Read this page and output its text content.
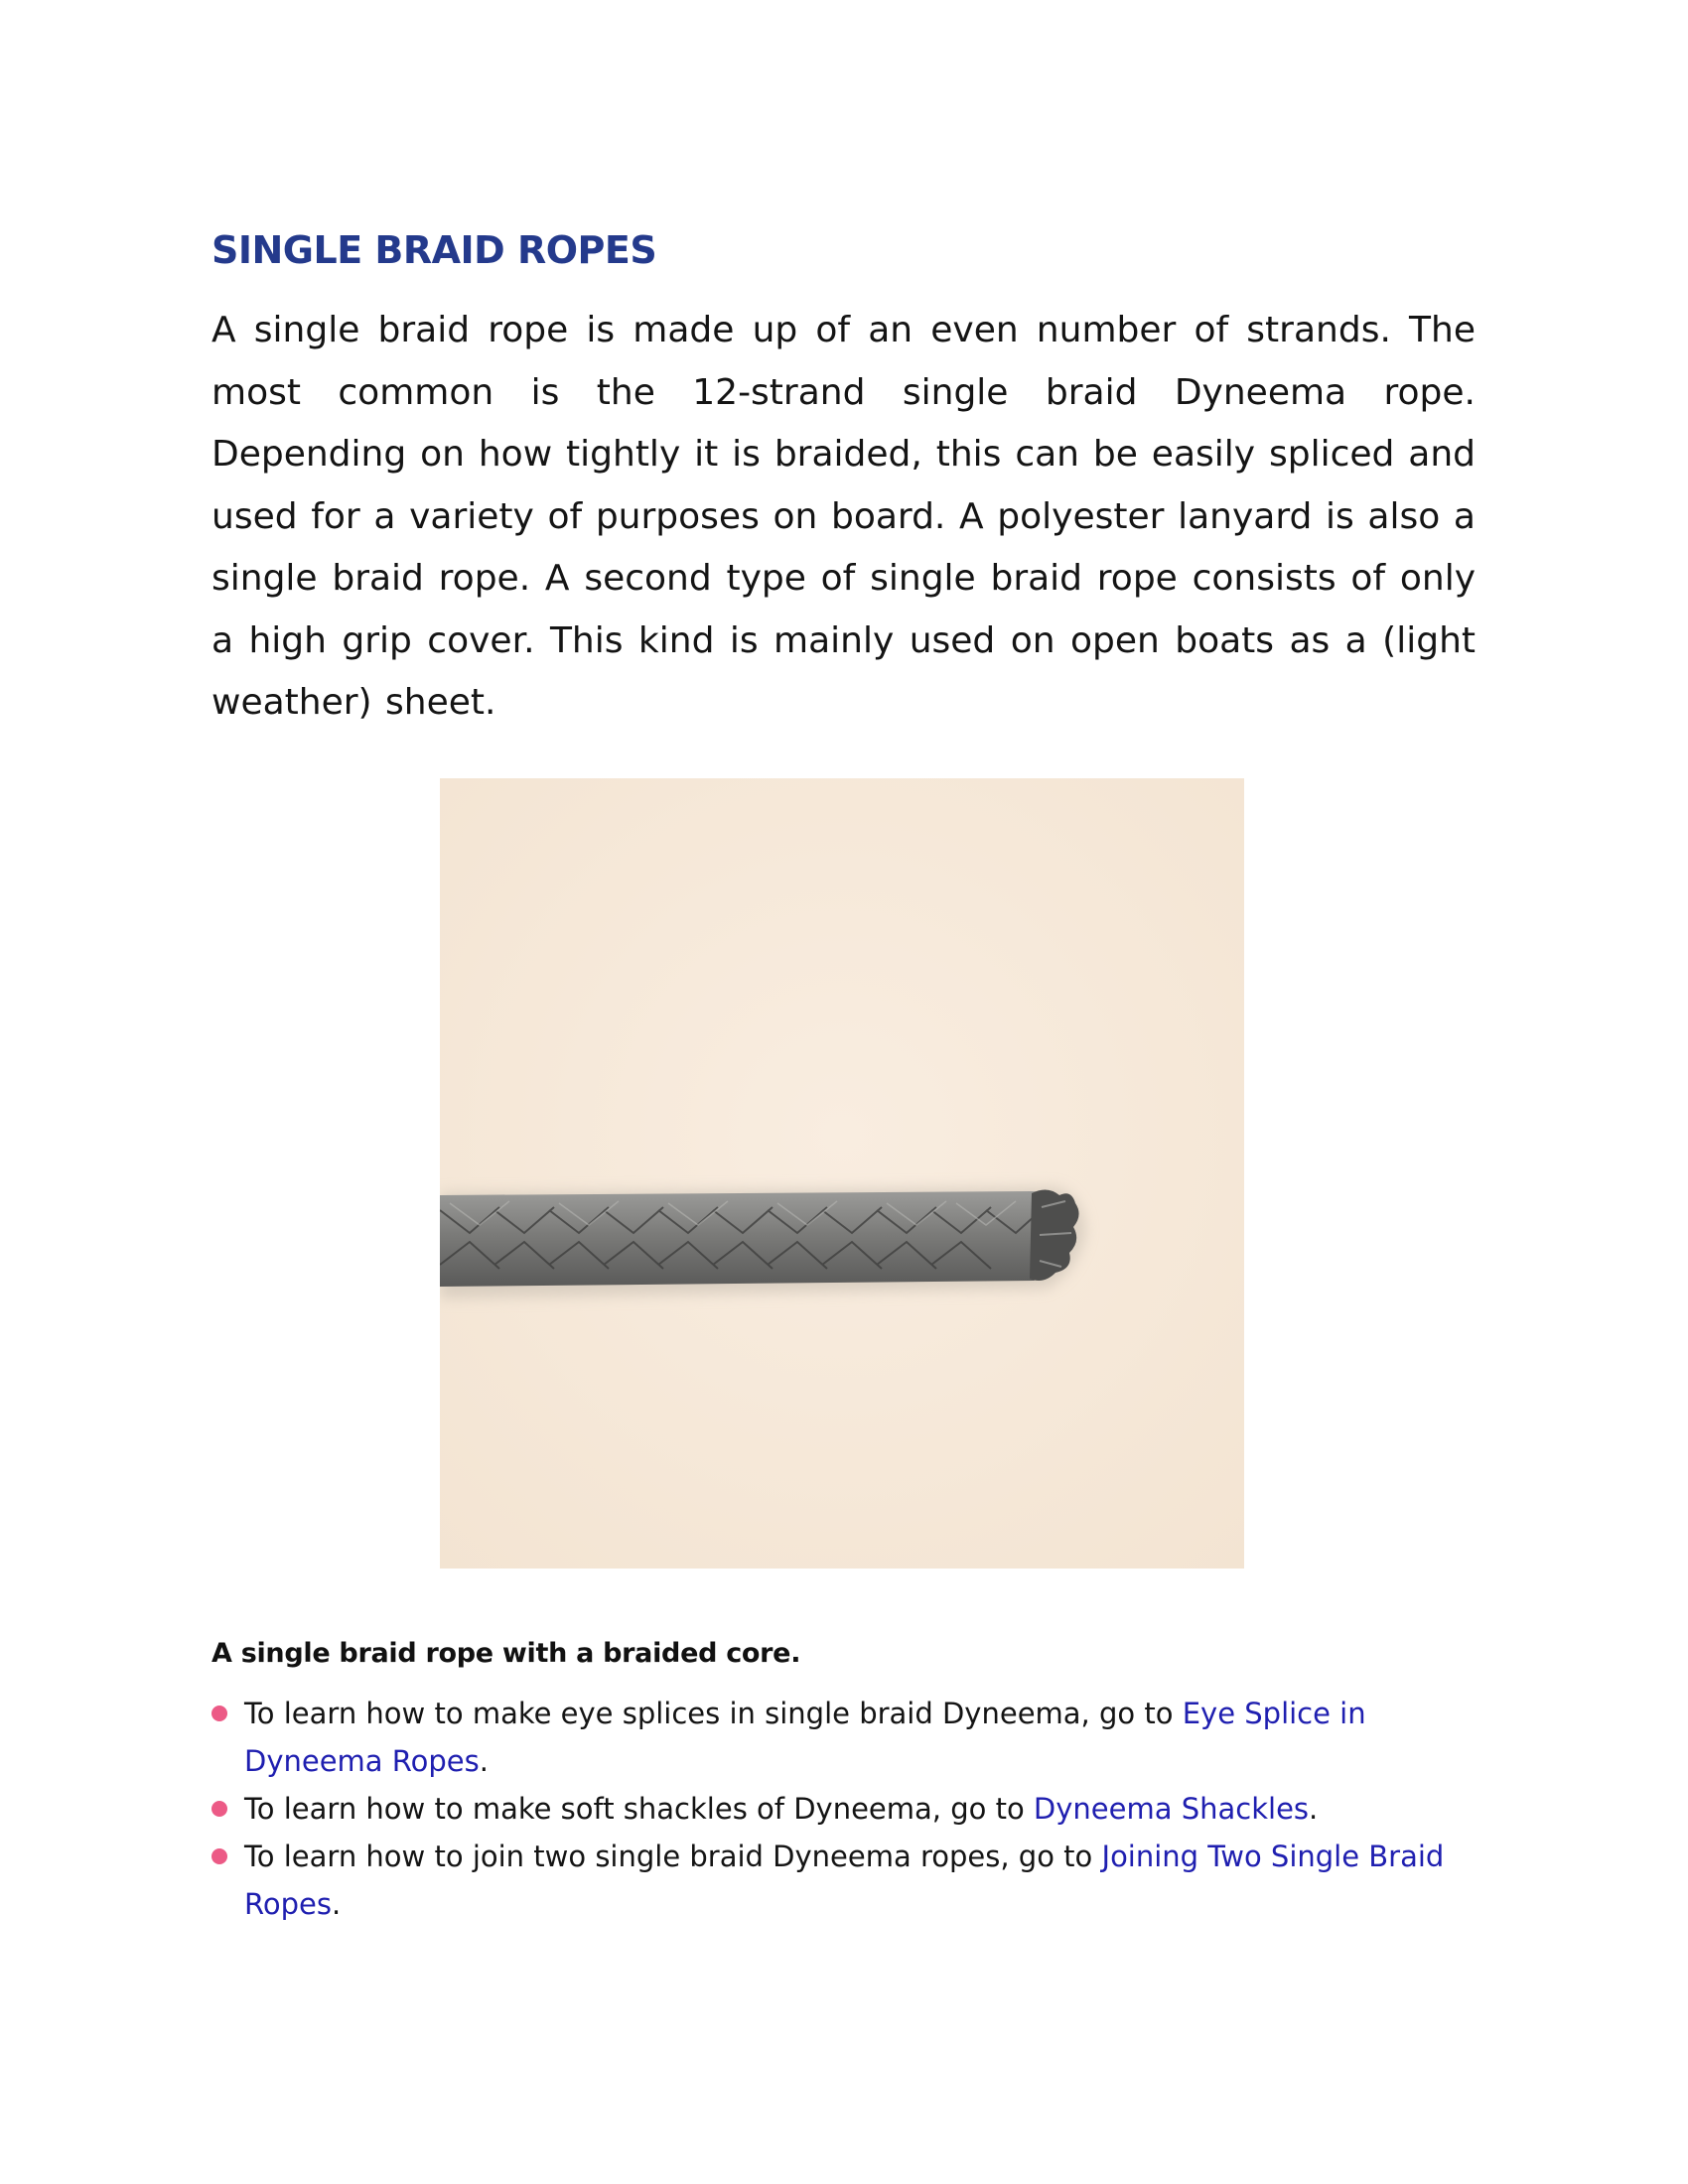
SINGLE BRAID ROPES

A single braid rope is made up of an even number of strands. The most common is the 12-strand single braid Dyneema rope. Depending on how tightly it is braided, this can be easily spliced and used for a variety of purposes on board. A polyester lanyard is also a single braid rope. A second type of single braid rope consists of only a high grip cover. This kind is mainly used on open boats as a (light weather) sheet.

A single braid rope with a braided core.

To learn how to make eye splices in single braid Dyneema, go to Eye Splice in Dyneema Ropes.
To learn how to make soft shackles of Dyneema, go to Dyneema Shackles.
To learn how to join two single braid Dyneema ropes, go to Joining Two Single Braid Ropes.
